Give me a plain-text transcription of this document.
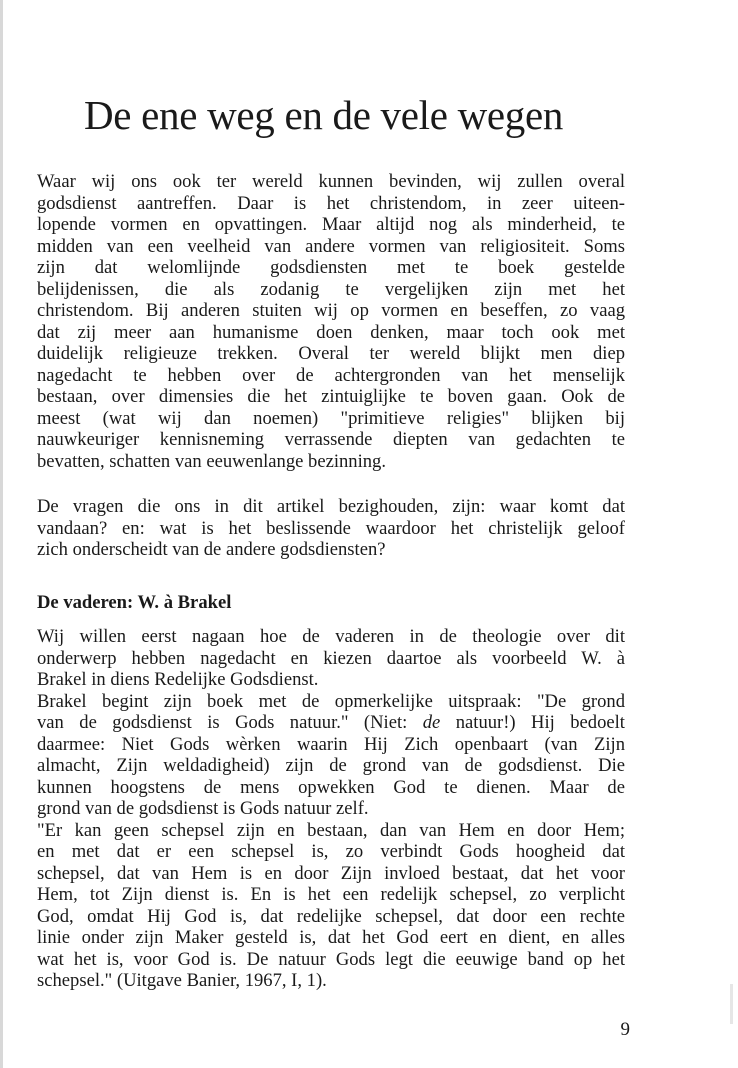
De ene weg en de vele wegen
Waar wij ons ook ter wereld kunnen bevinden, wij zullen overal
godsdienst aantreffen. Daar is het christendom, in zeer uiteen-
lopende vormen en opvattingen. Maar altijd nog als minderheid, te
midden van een veelheid van andere vormen van religiositeit. Soms
zijn dat welomlijnde godsdiensten met te boek gestelde
belijdenissen, die als zodanig te vergelijken zijn met het
christendom. Bij anderen stuiten wij op vormen en beseffen, zo vaag
dat zij meer aan humanisme doen denken, maar toch ook met
duidelijk religieuze trekken. Overal ter wereld blijkt men diep
nagedacht te hebben over de achtergronden van het menselijk
bestaan, over dimensies die het zintuiglijke te boven gaan. Ook de
meest (wat wij dan noemen) "primitieve religies" blijken bij
nauwkeuriger kennisneming verrassende diepten van gedachten te
bevatten, schatten van eeuwenlange bezinning.
De vragen die ons in dit artikel bezighouden, zijn: waar komt dat
vandaan? en: wat is het beslissende waardoor het christelijk geloof
zich onderscheidt van de andere godsdiensten?
De vaderen: W. à Brakel
Wij willen eerst nagaan hoe de vaderen in de theologie over dit
onderwerp hebben nagedacht en kiezen daartoe als voorbeeld W. à
Brakel in diens Redelijke Godsdienst.
Brakel begint zijn boek met de opmerkelijke uitspraak: "De grond
van de godsdienst is Gods natuur." (Niet: de natuur!) Hij bedoelt
daarmee: Niet Gods wèrken waarin Hij Zich openbaart (van Zijn
almacht, Zijn weldadigheid) zijn de grond van de godsdienst. Die
kunnen hoogstens de mens opwekken God te dienen. Maar de
grond van de godsdienst is Gods natuur zelf.
"Er kan geen schepsel zijn en bestaan, dan van Hem en door Hem;
en met dat er een schepsel is, zo verbindt Gods hoogheid dat
schepsel, dat van Hem is en door Zijn invloed bestaat, dat het voor
Hem, tot Zijn dienst is. En is het een redelijk schepsel, zo verplicht
God, omdat Hij God is, dat redelijke schepsel, dat door een rechte
linie onder zijn Maker gesteld is, dat het God eert en dient, en alles
wat het is, voor God is. De natuur Gods legt die eeuwige band op het
schepsel." (Uitgave Banier, 1967, I, 1).
9
